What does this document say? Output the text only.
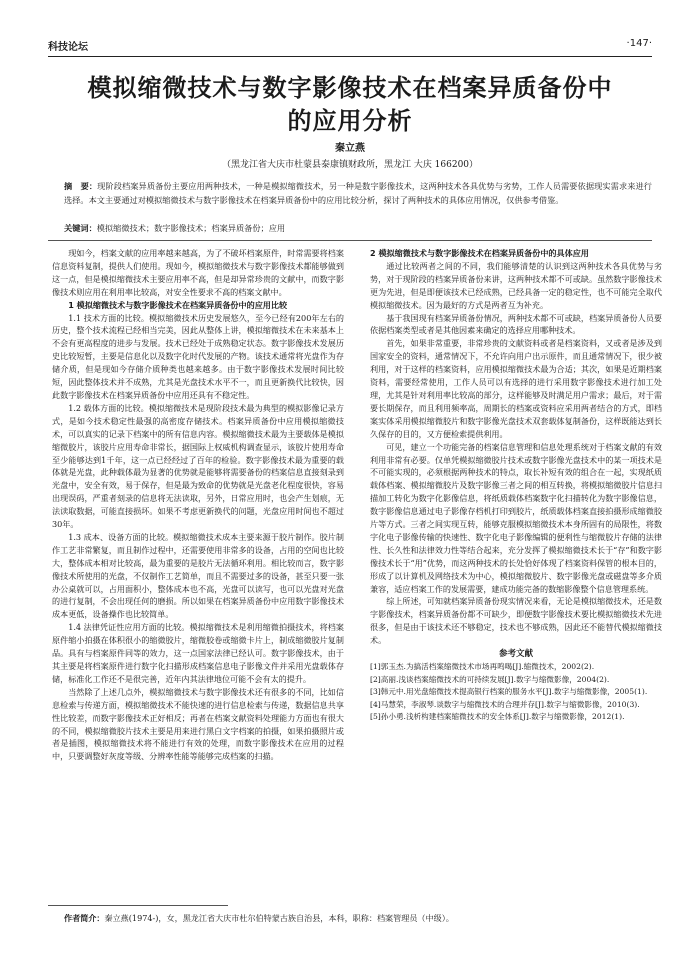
科技论坛	·147·
模拟缩微技术与数字影像技术在档案异质备份中
的应用分析
秦立燕
（黑龙江省大庆市杜蒙县泰康镇财政所，黑龙江 大庆 166200）
摘　要：现阶段档案异质备份主要应用两种技术，一种是模拟缩微技术，另一种是数字影像技术，这两种技术各具优势与劣势，工作人员需要依据现实需求来进行选择。本文主要通过对模拟缩微技术与数字影像技术在档案异质备份中的应用比较分析，探讨了两种技术的具体应用情况，仅供参考借鉴。
关键词：模拟缩微技术；数字影像技术；档案异质备份；应用

现如今，档案文献的应用率越来越高，为了不破坏档案原件，时常需要将档案信息资料复制，提供人们使用。现如今，模拟缩微技术与数字影像技术都能够做到这一点，但是模拟缩微技术主要应用率不高，但是却异常珍贵的文献中，而数字影像技术则应用在利用率比较高，对安全性要求不高的档案文献中。

1 模拟缩微技术与数字影像技术在档案异质备份中的应用比较

1.1 技术方面的比较。模拟缩微技术历史发展悠久，至今已经有200年左右的历史，整个技术流程已经相当完美，因此从整体上讲，模拟缩微技术在未来基本上不会有更高程度的进步与发展。技术已经处于成熟稳定状态。数字影像技术发展历史比较短暂，主要是信息化以及数字化时代发展的产物。该技术通常将光盘作为存储介质，但是现如今存储介质种类也越来越多。由于数字影像技术发展时间比较短，因此整体技术并不成熟，尤其是光盘技术水平不一，而且更新换代比较快，因此数字影像技术在档案异质备份中应用还具有不稳定性。

1.2 载体方面的比较。模拟缩微技术是现阶段技术最为典型的模拟影像记录方式，是如今技术稳定性最强的高密度存储技术。档案异质备份中应用模拟缩微技术，可以真实的记录下档案中的所有信息内容。模拟缩微技术最为主要载体是模拟缩微胶片，该胶片应用寿命非常长，据国际上权威机构调查显示，该胶片使用寿命至少能够达到1千年，这一点已经经过了百年的检验。数字影像技术最为重要的载体就是光盘，此种载体最为显著的优势就是能够将需要备份的档案信息直接刻录到光盘中，安全有效，易于保存，但是最为致命的优势就是光盘老化程度很快，容易出现误码，严重者刻录的信息将无法读取，另外，日常应用时，也会产生划痕，无法读取数据，可能直接损坏。如果不考虑更新换代的问题，光盘应用时间也不超过30年。

1.3 成本、设备方面的比较。模拟缩微技术成本主要来源于胶片制作。胶片制作工艺非常繁复，而且制作过程中，还需要使用非常多的设备，占用的空间也比较大，整体成本相对比较高，最为重要的是胶片无法循环利用。相比较而言，数字影像技术所使用的光盘，不仅制作工艺简单，而且不需要过多的设备，甚至只要一张办公桌就可以，占用面积小，整体成本也不高，光盘可以读写，也可以光盘对光盘的进行复制，不会出现任何的磨损。所以如果在档案异质备份中应用数字影像技术成本更低，设备操作也比较简单。

1.4 法律凭证性应用方面的比较。模拟缩微技术是利用缩微拍摄技术，将档案原件缩小拍摄在体积很小的缩微胶片，缩微胶卷或缩微卡片上，制成缩微胶片复制品。具有与档案原件同等的效力，这一点国家法律已经认可。数字影像技术，由于其主要是将档案原件进行数字化扫描形成档案信息电子影像文件并采用光盘载体存储，标准化工作还不是很完善，近年内其法律地位可能不会有太的提升。

当然除了上述几点外，模拟缩微技术与数字影像技术还有很多的不同，比如信息检索与传递方面，模拟缩微技术不能快速的进行信息检索与传递，数据信息共享性比较差，而数字影像技术正好相反；再者在档案文献资料处理能力方面也有很大的不同，模拟缩微胶片技术主要是用来进行黑白文字档案的拍摄，如果拍摄照片或者是插图，模拟缩微技术将不能进行有效的处理，而数字影像技术在应用的过程中，只要调整好灰度等级、分辨率性能等能够完成档案的扫描。

2 模拟缩微技术与数字影像技术在档案异质备份中的具体应用

通过比较两者之间的不同，我们能够清楚的认识到这两种技术各具优势与劣势，对于现阶段的档案异质备份来讲，这两种技术都不可或缺。虽然数字影像技术更为先进，但是即便该技术已经成熟，已经具备一定的稳定性，也不可能完全取代模拟缩微技术。因为最好的方式是两者互为补充。

基于我国现有档案异质备份情况，两种技术都不可或缺，档案异质备份人员要依据档案类型或者是其他因素来确定的选择应用哪种技术。

首先，如果非常重要，非常珍贵的文献资料或者是档案资料，又或者是涉及到国家安全的资料，通常情况下，不允许向用户出示原件，而且通常情况下，很少被利用，对于这样的档案资料，应用模拟缩微技术最为合适；其次，如果是近期档案资料，需要经常使用，工作人员可以有选择的进行采用数字影像技术进行加工处理，尤其是针对利用率比较高的部分，这样能够及时满足用户需求；最后，对于需要长期保存，而且利用频率高，周期长的档案或资料应采用两者结合的方式，即档案实体采用模拟缩微胶片和数字影像光盘技术双套载体复制备份，这样既能达到长久保存的目的，又方便检索提供利用。

可见，建立一个功能完备的档案信息管理和信息处理系统对于档案文献的有效利用非常有必要。仅单凭模拟缩微胶片技术或数字影像光盘技术中的某一项技术是不可能实现的，必须根据两种技术的特点，取长补短有效的组合在一起，实现纸质载体档案、模拟缩微胶片及数字影像三者之间的相互转换，将模拟缩微胶片信息扫描加工转化为数字化影像信息，将纸质载体档案数字化扫描转化为数字影像信息，数字影像信息通过电子影像存档机打印到胶片，纸质载体档案直接拍摄形成缩微胶片等方式。三者之间实现互转，能够克服模拟缩微技术本身所固有的局限性，将数字化电子影像传输的快速性、数字化电子影像编辑的便利性与缩微胶片存储的法律性、长久性和法律效力性等结合起来，充分发挥了模拟缩微技术长于“存”和数字影像技术长于“用”优势，而这两种技术的长处恰好体现了档案资料保管的根本目的，形成了以计算机及网络技术为中心，模拟缩微胶片、数字影像光盘或磁盘等多介质兼容，适应档案工作的发展需要，建成功能完备的数缩影像整个信息管理系统。

综上所述，可知就档案异质备份现实情况来看，无论是模拟缩微技术，还是数字影像技术，档案异质备份都不可缺少，即便数字影像技术要比模拟缩微技术先进很多，但是由于该技术还不够稳定，技术也不够成熟，因此还不能替代模拟缩微技术。

参考文献
[1]郭玉杰.为搞活档案缩微技术市场再鸣喝[J].缩微技术，2002(2).
[2]高丽.浅谈档案缩微技术的可持续发展[J].数字与缩微影像，2004(2).
[3]韩元中.用光盘缩微技术提高银行档案的服务水平[J].数字与缩微影像，2005(1).
[4]马慧荣，李淑琴.谈数字与缩微技术的合理并存[J].数字与缩微影像，2010(3).
[5]孙小勇.浅析构建档案缩微技术的安全体系[J].数字与缩微影像，2012(1).
作者简介：秦立燕(1974-)，女，黑龙江省大庆市杜尔伯特蒙古族自治县，本科，职称：档案管理员（中级）。
